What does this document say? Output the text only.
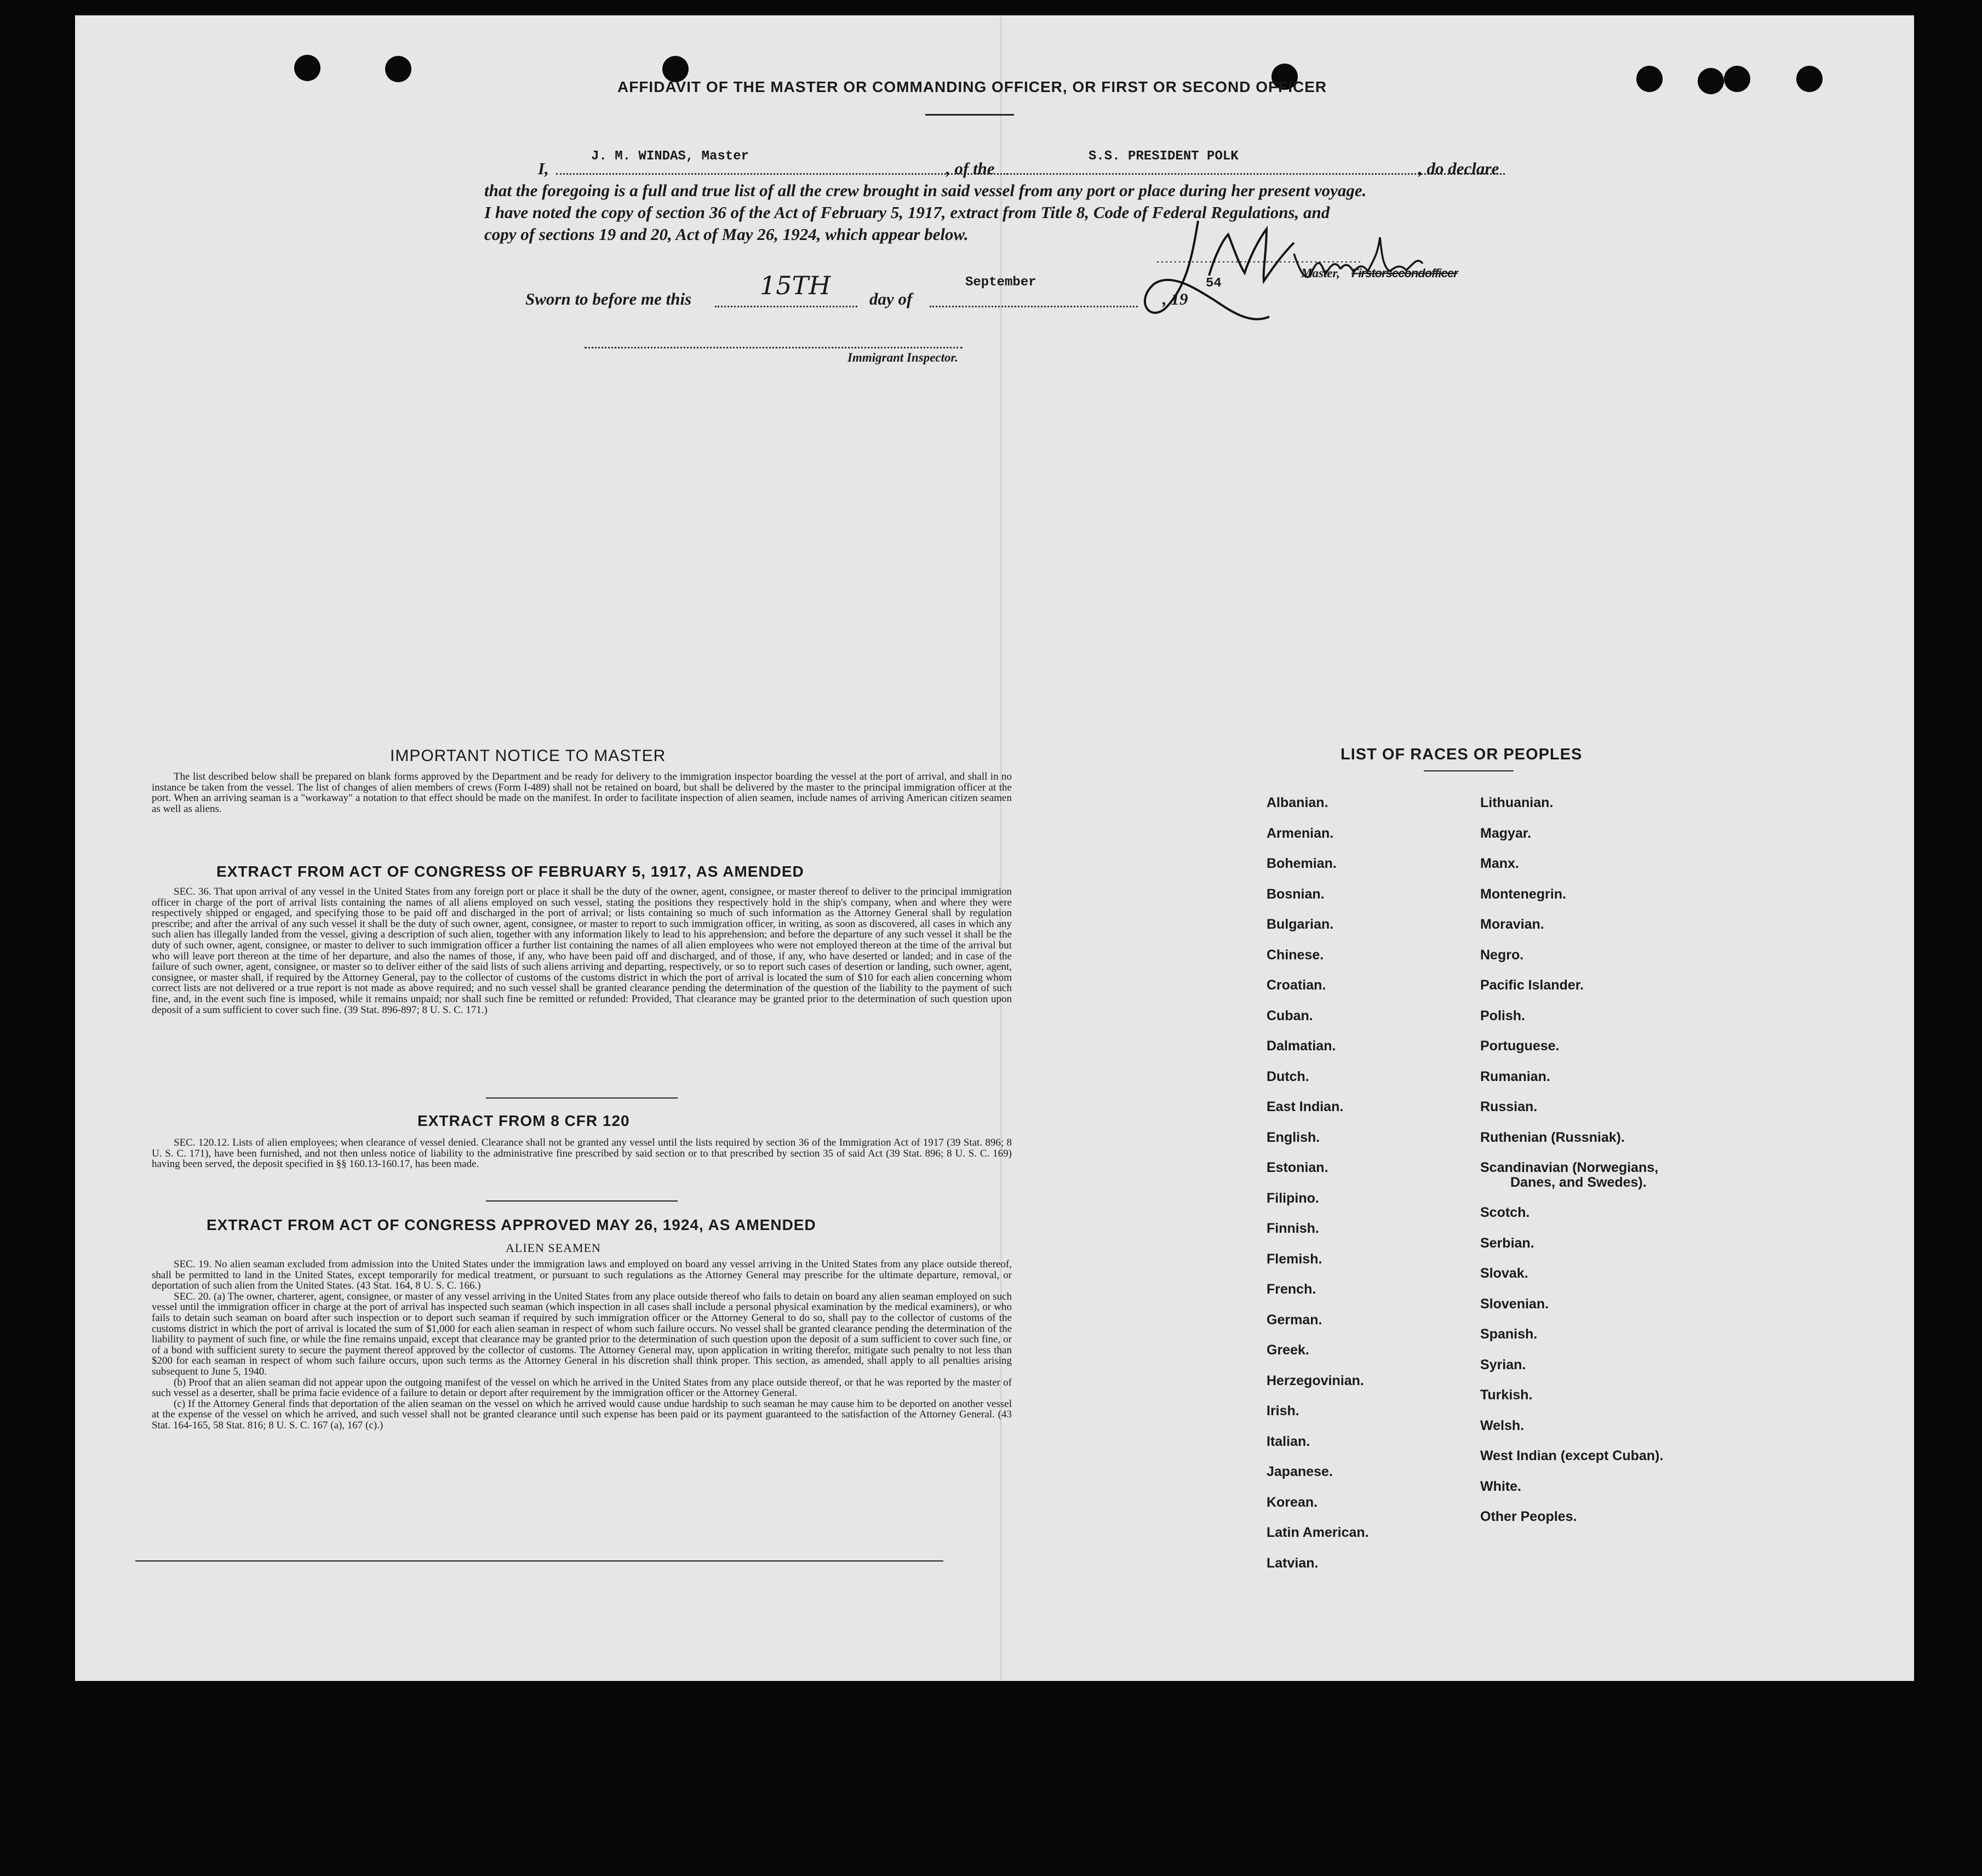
AFFIDAVIT OF THE MASTER OR COMMANDING OFFICER, OR FIRST OR SECOND OFFICER
I,
J. M. WINDAS, Master
, of the
S.S. PRESIDENT POLK
, do declare
that the foregoing is a full and true list of all the crew brought in said vessel from any port or place during her present voyage.
I have noted the copy of section 36 of the Act of February 5, 1917, extract from Title 8, Code of Federal Regulations, and
copy of sections 19 and 20, Act of May 26, 1924, which appear below.
Master, Firstorsecondofficer
Sworn to before me this	15TH day of
September
, 19
54
Immigrant Inspector.
IMPORTANT NOTICE TO MASTER

The list described below shall be prepared on blank forms approved by the Department and be ready for delivery to the immigration inspector boarding the vessel at the port of arrival, and shall in no instance be taken from the vessel. The list of changes of alien members of crews (Form I-489) shall not be retained on board, but shall be delivered by the master to the principal immigration officer at the port. When an arriving seaman is a "workaway" a notation to that effect should be made on the manifest. In order to facilitate inspection of alien seamen, include names of arriving American citizen seamen as well as aliens.

EXTRACT FROM ACT OF CONGRESS OF FEBRUARY 5, 1917, AS AMENDED

SEC. 36. That upon arrival of any vessel in the United States from any foreign port or place it shall be the duty of the owner, agent, consignee, or master thereof to deliver to the principal immigration officer in charge of the port of arrival lists containing the names of all aliens employed on such vessel, stating the positions they respectively hold in the ship's company, when and where they were respectively shipped or engaged, and specifying those to be paid off and discharged in the port of arrival; or lists containing so much of such information as the Attorney General shall by regulation prescribe; and after the arrival of any such vessel it shall be the duty of such owner, agent, consignee, or master to report to such immigration officer, in writing, as soon as discovered, all cases in which any such alien has illegally landed from the vessel, giving a description of such alien, together with any information likely to lead to his apprehension; and before the departure of any such vessel it shall be the duty of such owner, agent, consignee, or master to deliver to such immigration officer a further list containing the names of all alien employees who were not employed thereon at the time of the arrival but who will leave port thereon at the time of her departure, and also the names of those, if any, who have been paid off and discharged, and of those, if any, who have deserted or landed; and in case of the failure of such owner, agent, consignee, or master so to deliver either of the said lists of such aliens arriving and departing, respectively, or so to report such cases of desertion or landing, such owner, agent, consignee, or master shall, if required by the Attorney General, pay to the collector of customs of the customs district in which the port of arrival is located the sum of $10 for each alien concerning whom correct lists are not delivered or a true report is not made as above required; and no such vessel shall be granted clearance pending the determination of the question of the liability to the payment of such fine, and, in the event such fine is imposed, while it remains unpaid; nor shall such fine be remitted or refunded: Provided, That clearance may be granted prior to the determination of such question upon deposit of a sum sufficient to cover such fine. (39 Stat. 896-897; 8 U. S. C. 171.)

EXTRACT FROM 8 CFR 120

SEC. 120.12. Lists of alien employees; when clearance of vessel denied. Clearance shall not be granted any vessel until the lists required by section 36 of the Immigration Act of 1917 (39 Stat. 896; 8 U. S. C. 171), have been furnished, and not then unless notice of liability to the administrative fine prescribed by said section or to that prescribed by section 35 of said Act (39 Stat. 896; 8 U. S. C. 169) having been served, the deposit specified in §§ 160.13-160.17, has been made.

EXTRACT FROM ACT OF CONGRESS APPROVED MAY 26, 1924, AS AMENDED
ALIEN SEAMEN

SEC. 19. No alien seaman excluded from admission into the United States under the immigration laws and employed on board any vessel arriving in the United States from any place outside thereof, shall be permitted to land in the United States, except temporarily for medical treatment, or pursuant to such regulations as the Attorney General may prescribe for the ultimate departure, removal, or deportation of such alien from the United States. (43 Stat. 164, 8 U. S. C. 166.)

SEC. 20. (a) The owner, charterer, agent, consignee, or master of any vessel arriving in the United States from any place outside thereof who fails to detain on board any alien seaman employed on such vessel until the immigration officer in charge at the port of arrival has inspected such seaman (which inspection in all cases shall include a personal physical examination by the medical examiners), or who fails to detain such seaman on board after such inspection or to deport such seaman if required by such immigration officer or the Attorney General to do so, shall pay to the collector of customs of the customs district in which the port of arrival is located the sum of $1,000 for each alien seaman in respect of whom such failure occurs. No vessel shall be granted clearance pending the determination of the liability to payment of such fine, or while the fine remains unpaid, except that clearance may be granted prior to the determination of such question upon the deposit of a sum sufficient to cover such fine, or of a bond with sufficient surety to secure the payment thereof approved by the collector of customs. The Attorney General may, upon application in writing therefor, mitigate such penalty to not less than $200 for each seaman in respect of whom such failure occurs, upon such terms as the Attorney General in his discretion shall think proper. This section, as amended, shall apply to all penalties arising subsequent to June 5, 1940.

(b) Proof that an alien seaman did not appear upon the outgoing manifest of the vessel on which he arrived in the United States from any place outside thereof, or that he was reported by the master of such vessel as a deserter, shall be prima facie evidence of a failure to detain or deport after requirement by the immigration officer or the Attorney General.

(c) If the Attorney General finds that deportation of the alien seaman on the vessel on which he arrived would cause undue hardship to such seaman he may cause him to be deported on another vessel at the expense of the vessel on which he arrived, and such vessel shall not be granted clearance until such expense has been paid or its payment guaranteed to the satisfaction of the Attorney General. (43 Stat. 164-165, 58 Stat. 816; 8 U. S. C. 167 (a), 167 (c).)

LIST OF RACES OR PEOPLES
Albanian.
Armenian.
Bohemian.
Bosnian.
Bulgarian.
Chinese.
Croatian.
Cuban.
Dalmatian.
Dutch.
East Indian.
English.
Estonian.
Filipino.
Finnish.
Flemish.
French.
German.
Greek.
Herzegovinian.
Irish.
Italian.
Japanese.
Korean.
Latin American.
Latvian.
Lithuanian.
Magyar.
Manx.
Montenegrin.
Moravian.
Negro.
Pacific Islander.
Polish.
Portuguese.
Rumanian.
Russian.
Ruthenian (Russniak).
Scandinavian (Norwegians,
Danes, and Swedes).
Scotch.
Serbian.
Slovak.
Slovenian.
Spanish.
Syrian.
Turkish.
Welsh.
West Indian (except Cuban).
White.
Other Peoples.
